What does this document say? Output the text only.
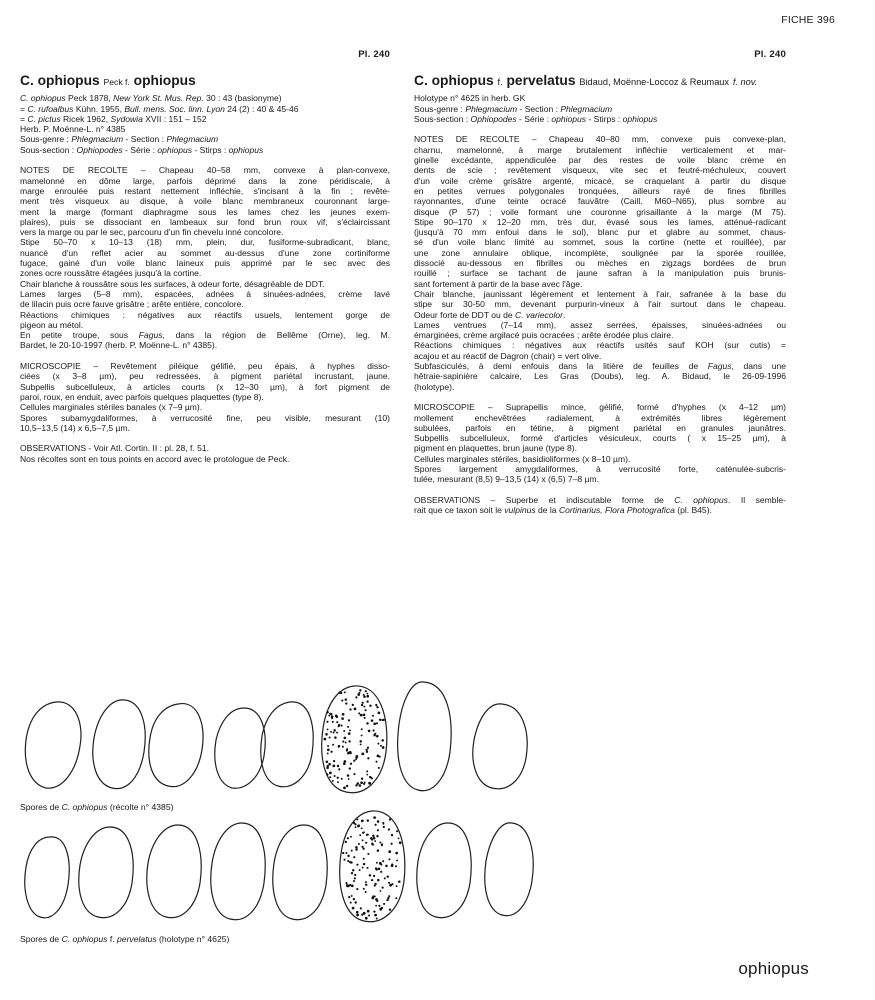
FICHE 396
Pl. 240
C. ophiopus Peck f. ophiopus
C. ophiopus Peck 1878, New York St. Mus. Rep. 30 : 43 (basionyme)
= C. rufoalbus Kühn. 1955, Bull. mens. Soc. linn. Lyon 24 (2) : 40 & 45-46
= C. pictus Ricek 1962, Sydowia XVII : 151 – 152
Herb. P. Moënne-L. n° 4385
Sous-genre : Phlegmacium - Section : Phlegmacium
Sous-section : Ophiopodes - Série : ophiopus - Stirps : ophiopus
NOTES DE RECOLTE – Chapeau 40–58 mm, convexe à plan-convexe,
mamelonné en dôme large, parfois déprimé dans la zone péridiscale, à
marge enroulée puis restant nettement infléchie, s'incisant à la fin ; revête-
ment très visqueux au disque, à voile blanc membraneux couronnant large-
ment la marge (formant diaphragme sous les lames chez les jeunes exem-
plaires), puis se dissociant en lambeaux sur fond brun roux vif, s'éclaircissant
vers la marge ou par le sec, parcouru d'un fin chevelu inné concolore.
Stipe 50–70 x 10–13 (18) mm, plein, dur, fusiforme-subradicant, blanc,
nuancé d'un reflet acier au sommet au-dessus d'une zone cortiniforme
fugace, gainé d'un voile blanc laineux puis apprimé par le sec avec des
zones ocre roussâtre étagées jusqu'à la cortine.
Chair blanche à roussâtre sous les surfaces, à odeur forte, désagréable de DDT.
Lames larges (5–8 mm), espacées, adnées à sinuées-adnées, crème lavé
de lilacin puis ocre fauve grisâtre ; arête entière, concolore.
Réactions chimiques : négatives aux réactifs usuels, lentement gorge de
pigeon au métol.
En petite troupe, sous Fagus, dans la région de Bellême (Orne), leg. M.
Bardet, le 20-10-1997 (herb. P. Moënne-L. n° 4385).
MICROSCOPIE – Revêtement piléique gélifié, peu épais, à hyphes disso-
ciées (x 3–8 µm), peu redressées, à pigment pariétal incrustant, jaune.
Subpellis subcelluleux, à articles courts (x 12–30 µm), à fort pigment de
paroi, roux, en enduit, avec parfois quelques plaquettes (type 8).
Cellules marginales stériles banales (x 7–9 µm).
Spores subamygdaliformes, à verrucosité fine, peu visible, mesurant (10)
10,5–13,5 (14) x 6,5–7,5 µm.
OBSERVATIONS - Voir Atl. Cortin. II : pl. 28, f. 51.
Nos récoltes sont en tous points en accord avec le protologue de Peck.
Pl. 240
C. ophiopus f. pervelatus Bidaud, Moënne-Loccoz & Reumaux f. nov.
Holotype n° 4625 in herb. GK
Sous-genre : Phlegmacium - Section : Phlegmacium
Sous-section : Ophiopodes - Série : ophiopus - Stirps : ophiopus
NOTES DE RECOLTE – Chapeau 40–80 mm, convexe puis convexe-plan,
charnu, mamelonné, à marge brutalement infléchie verticalement et mar-
ginelle excédante, appendiculée par des restes de voile blanc crème en
dents de scie ; revêtement visqueux, vite sec et feutré-méchuleux, couvert
d'un voile crème grisâtre argenté, micacé, se craquelant à partir du disque
en petites verrues polygonales tronquées, ailleurs rayé de fines fibrilles
rayonnantes, d'une teinte ocracé fauvâtre (Caill. M60–N65), plus sombre au
disque (P 57) ; voile formant une couronne grisaillante à la marge (M 75).
Stipe 90–170 x 12–20 mm, très dur, évasé sous les lames, atténué-radicant
(jusqu'à 70 mm enfoui dans le sol), blanc pur et glabre au sommet, chaus-
sé d'un voile blanc limité au sommet, sous la cortine (nette et rouillée), par
une zone annulaire oblique, incomplète, soulignée par la sporée rouillée,
dissocié au-dessous en fibrilles ou mèches en zigzags bordées de brun
rouillé ; surface se tachant de jaune safran à la manipulation puis brunis-
sant fortement à partir de la base avec l'âge.
Chair blanche, jaunissant légèrement et lentement à l'air, safranée à la base du
stipe sur 30-50 mm, devenant purpurin-vineux à l'air surtout dans le chapeau.
Odeur forte de DDT ou de C. variecolor.
Lames ventrues (7–14 mm), assez serrées, épaisses, sinuées-adnées ou
émarginées, crème argilacé puis ocracées ; arête érodée plus claire.
Réactions chimiques : négatives aux réactifs usités sauf KOH (sur cutis) =
acajou et au réactif de Dagron (chair) = vert olive.
Subfasciculés, à demi enfouis dans la litière de feuilles de Fagus, dans une
hêtraie-sapinière calcaire, Les Gras (Doubs), leg. A. Bidaud, le 26-09-1996
(holotype).
MICROSCOPIE – Suprapellis mince, gélifié, formé d'hyphes (x 4–12 µm)
mollement enchevêtrées radialement, à extrémités libres légèrement
subulées, parfois en tétine, à pigment pariétal en granules jaunâtres.
Subpellis subcelluleux, formé d'articles vésiculeux, courts ( x 15–25 µm), à
pigment en plaquettes, brun jaune (type 8).
Cellules marginales stériles, basidioliformes (x 8–10 µm).
Spores largement amygdaliformes, à verrucosité forte, caténulée-subcris-
tulée, mesurant (8,5) 9–13,5 (14) x (6,5) 7–8 µm.
OBSERVATIONS – Superbe et indiscutable forme de C. ophiopus. Il semble-
rait que ce taxon soit le vulpinus de la Cortinarius, Flora Photografica (pl. B45).
Spores de C. ophiopus (récolte n° 4385)
Spores de C. ophiopus f. pervelatus (holotype n° 4625)
ophiopus
